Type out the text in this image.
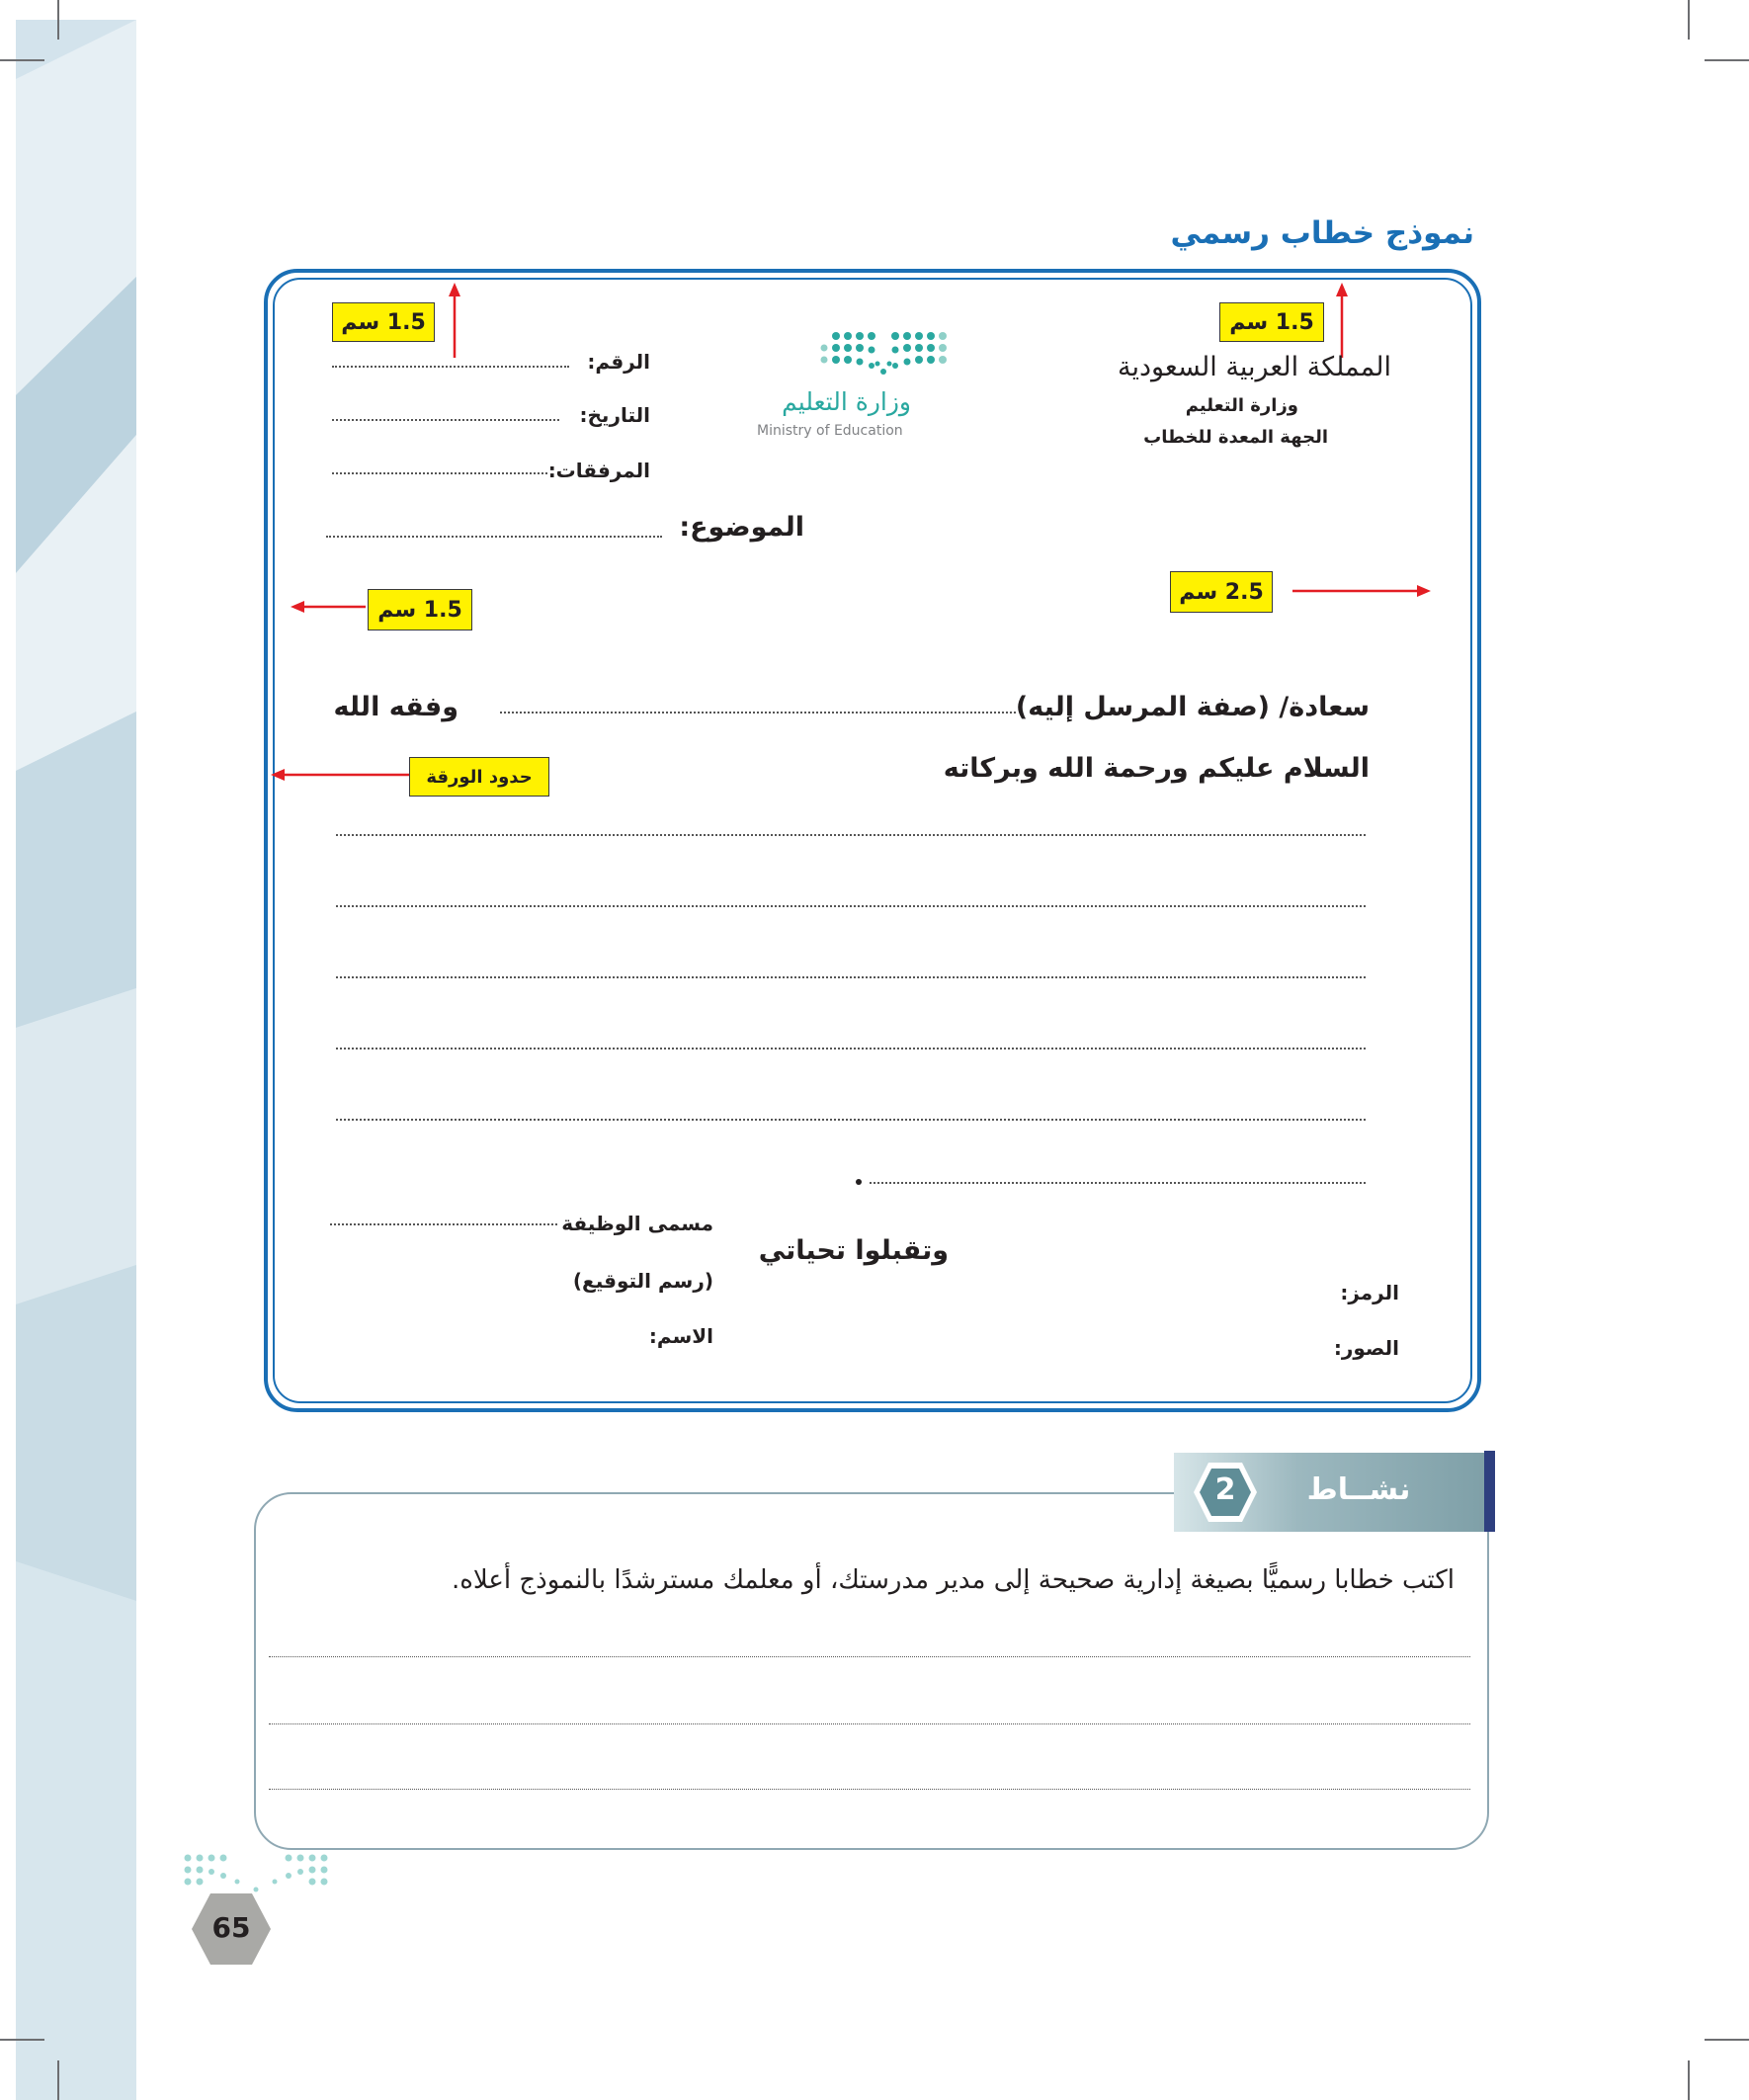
نموذج خطاب رسمي
1.5 سم	1.5 سم
1.5 سم
2.5 سم
حدود الورقة
المملكة العربية السعودية
وزارة التعليم
الجهة المعدة للخطاب
وزارة التعليم
Ministry of Education
الرقم:
التاريخ:
المرفقات:
الموضوع:
سعادة/ (صفة المرسل إليه)
وفقه الله
السلام عليكم ورحمة الله وبركاته
وتقبلوا تحياتي
مسمى الوظيفة
(رسم التوقيع)
الاسم:
الرمز:
الصور:
2	نشــاط
اكتب خطابا رسميًّا بصيغة إدارية صحيحة إلى مدير مدرستك، أو معلمك مسترشدًا بالنموذج أعلاه.
65
